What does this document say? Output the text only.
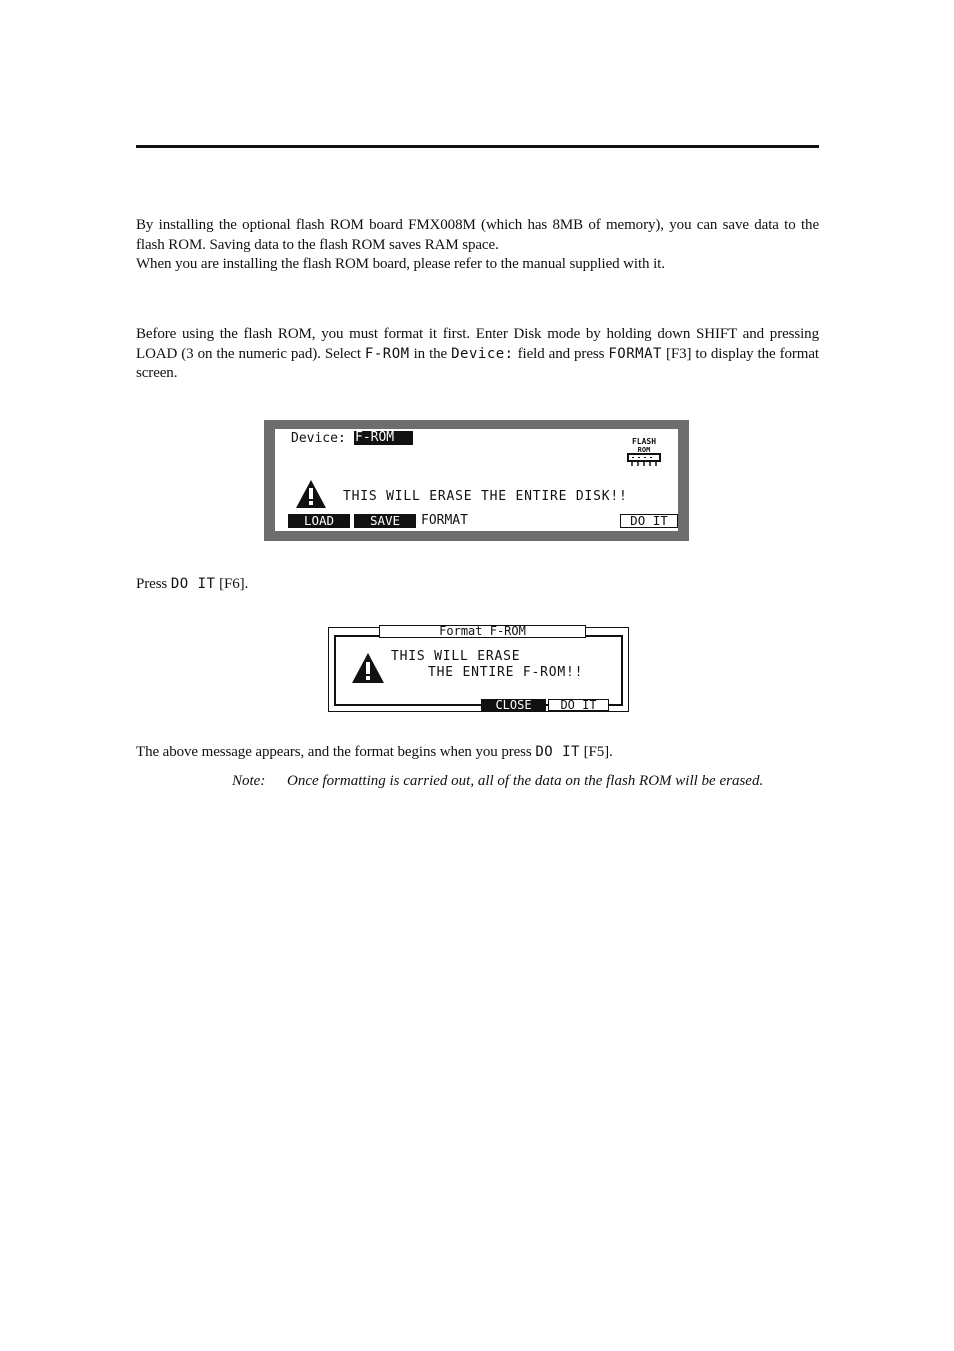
By installing the optional flash ROM board FMX008M (which has 8MB of memory), you can save data to the flash ROM. Saving data to the flash ROM saves RAM space.

When you are installing the flash ROM board, please refer to the manual supplied with it.

Before using the flash ROM, you must format it first. Enter Disk mode by holding down SHIFT and pressing LOAD (3 on the numeric pad). Select F-ROM in the Device: field and press FORMAT [F3] to display the format screen.

Device: F-ROM	FLASH
ROM
THIS WILL ERASE THE ENTIRE DISK!!
LOAD	SAVE	FORMAT	DO IT

Press DO IT [F6].

Format F-ROM
THIS WILL ERASE
THE ENTIRE F-ROM!!
CLOSE	DO IT

The above message appears, and the format begins when you press DO IT [F5].

Note: Once formatting is carried out, all of the data on the flash ROM will be erased.
